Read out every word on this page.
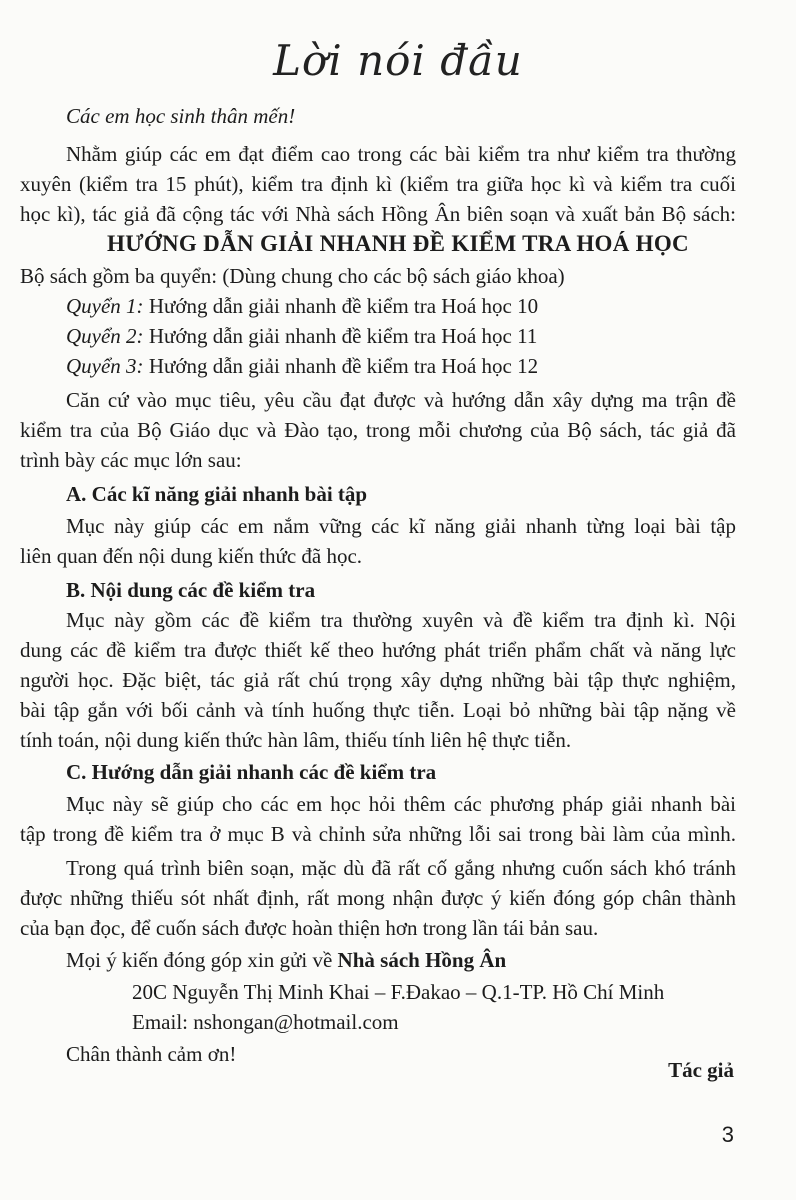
Lời nói đầu
Các em học sinh thân mến!
Nhằm giúp các em đạt điểm cao trong các bài kiểm tra như kiểm tra thường
xuyên (kiểm tra 15 phút), kiểm tra định kì (kiểm tra giữa học kì và kiểm tra cuối
học kì), tác giả đã cộng tác với Nhà sách Hồng Ân biên soạn và xuất bản Bộ sách:
HƯỚNG DẪN GIẢI NHANH ĐỀ KIỂM TRA HOÁ HỌC
Bộ sách gồm ba quyển: (Dùng chung cho các bộ sách giáo khoa)
Quyển 1: Hướng dẫn giải nhanh đề kiểm tra Hoá học 10
Quyển 2: Hướng dẫn giải nhanh đề kiểm tra Hoá học 11
Quyển 3: Hướng dẫn giải nhanh đề kiểm tra Hoá học 12
Căn cứ vào mục tiêu, yêu cầu đạt được và hướng dẫn xây dựng ma trận đề
kiểm tra của Bộ Giáo dục và Đào tạo, trong mỗi chương của Bộ sách, tác giả đã
trình bày các mục lớn sau:
A. Các kĩ năng giải nhanh bài tập
Mục này giúp các em nắm vững các kĩ năng giải nhanh từng loại bài tập
liên quan đến nội dung kiến thức đã học.
B. Nội dung các đề kiểm tra
Mục này gồm các đề kiểm tra thường xuyên và đề kiểm tra định kì. Nội
dung các đề kiểm tra được thiết kế theo hướng phát triển phẩm chất và năng lực
người học. Đặc biệt, tác giả rất chú trọng xây dựng những bài tập thực nghiệm,
bài tập gắn với bối cảnh và tính huống thực tiễn. Loại bỏ những bài tập nặng về
tính toán, nội dung kiến thức hàn lâm, thiếu tính liên hệ thực tiễn.
C. Hướng dẫn giải nhanh các đề kiểm tra
Mục này sẽ giúp cho các em học hỏi thêm các phương pháp giải nhanh bài
tập trong đề kiểm tra ở mục B và chỉnh sửa những lỗi sai trong bài làm của mình.
Trong quá trình biên soạn, mặc dù đã rất cố gắng nhưng cuốn sách khó tránh
được những thiếu sót nhất định, rất mong nhận được ý kiến đóng góp chân thành
của bạn đọc, để cuốn sách được hoàn thiện hơn trong lần tái bản sau.
Mọi ý kiến đóng góp xin gửi về Nhà sách Hồng Ân
20C Nguyễn Thị Minh Khai – F.Đakao – Q.1-TP. Hồ Chí Minh
Email: nshongan@hotmail.com
Chân thành cảm ơn!
Tác giả
3
